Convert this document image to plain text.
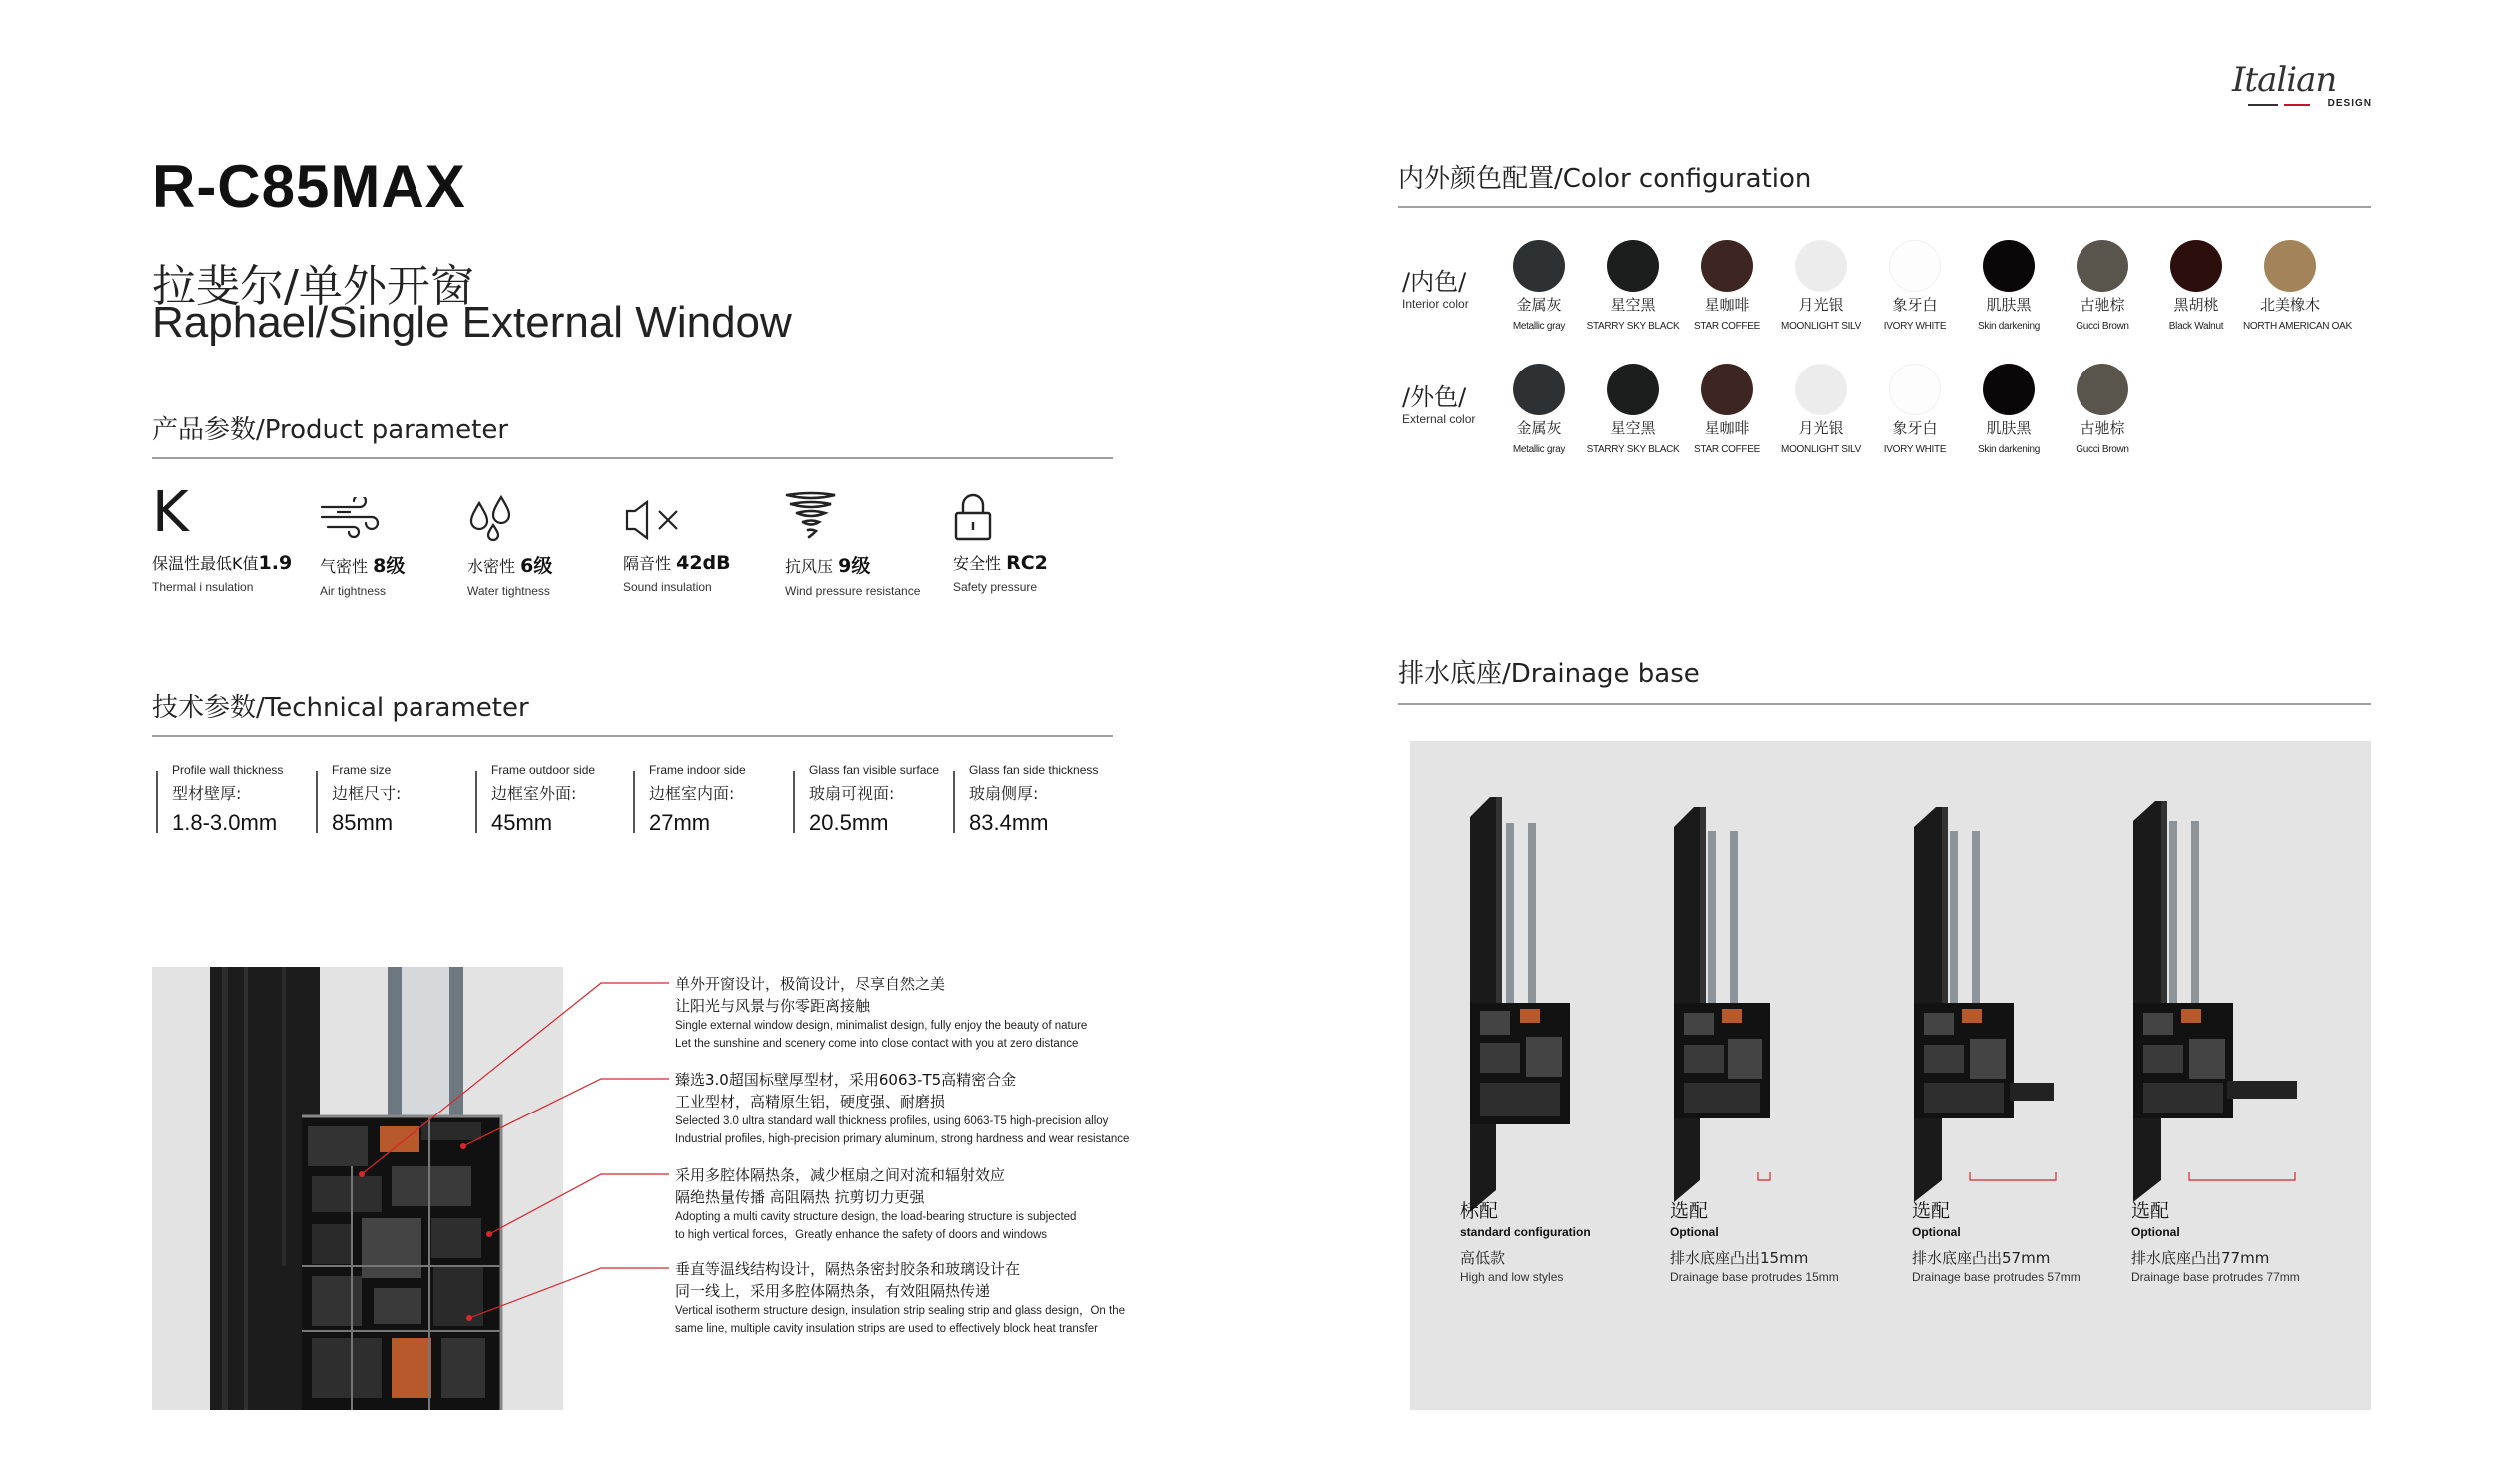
Italian
DESIGN
R-C85MAX
拉斐尔/单外开窗
Raphael/Single External Window
产品参数/Product parameter
K
保温性最低K值1.9
Thermal i nsulation
气密性 8级
Air tightness
水密性 6级
Water tightness
隔音性 42dB
Sound insulation
抗风压 9级
Wind pressure resistance
安全性 RC2
Safety pressure
技术参数/Technical parameter
Profile wall thickness
型材壁厚:
1.8-3.0mm
Frame size
边框尺寸:
85mm
Frame outdoor side
边框室外面:
45mm
Frame indoor side
边框室内面:
27mm
Glass fan visible surface
玻扇可视面:
20.5mm
Glass fan side thickness
玻扇侧厚:
83.4mm
单外开窗设计，极简设计，尽享自然之美
让阳光与风景与你零距离接触
Single external window design, minimalist design, fully enjoy the beauty of nature
Let the sunshine and scenery come into close contact with you at zero distance
臻选3.0超国标壁厚型材，采用6063-T5高精密合金
工业型材，高精原生铝，硬度强、耐磨损
Selected 3.0 ultra standard wall thickness profiles, using 6063-T5 high-precision alloy
Industrial profiles, high-precision primary aluminum, strong hardness and wear resistance
采用多腔体隔热条，减少框扇之间对流和辐射效应
隔绝热量传播 高阻隔热 抗剪切力更强
Adopting a multi cavity structure design, the load-bearing structure is subjected
to high vertical forces，Greatly enhance the safety of doors and windows
垂直等温线结构设计，隔热条密封胶条和玻璃设计在
同一线上，采用多腔体隔热条，有效阻隔热传递
Vertical isotherm structure design, insulation strip sealing strip and glass design，On the
same line, multiple cavity insulation strips are used to effectively block heat transfer
内外颜色配置/Color configuration
/内色/
Interior color
/外色/
External color
金属灰
Metallic gray
星空黑
STARRY SKY BLACK
星咖啡
STAR COFFEE
月光银
MOONLIGHT SILV
象牙白
IVORY WHITE
肌肤黑
Skin darkening
古驰棕
Gucci Brown
黑胡桃
Black Walnut
北美橡木
NORTH AMERICAN OAK
金属灰
Metallic gray
星空黑
STARRY SKY BLACK
星咖啡
STAR COFFEE
月光银
MOONLIGHT SILV
象牙白
IVORY WHITE
肌肤黑
Skin darkening
古驰棕
Gucci Brown
排水底座/Drainage base
标配
standard configuration
高低款
High and low styles
选配
Optional
排水底座凸出15mm
Drainage base protrudes 15mm
选配
Optional
排水底座凸出57mm
Drainage base protrudes 57mm
选配
Optional
排水底座凸出77mm
Drainage base protrudes 77mm
